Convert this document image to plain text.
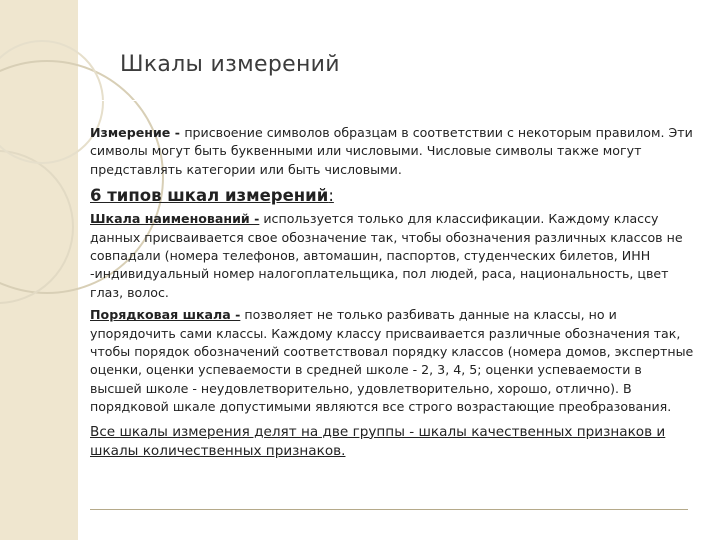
Шкалы измерений

Измерение - присвоение символов образцам в соответствии с некоторым правилом. Эти символы могут быть буквенными или числовыми. Числовые символы также могут представлять категории или быть числовыми.

6 типов шкал измерений:

Шкала наименований - используется только для классификации. Каждому классу данных присваивается свое обозначение так, чтобы обозначения различных классов не совпадали (номера телефонов, автомашин, паспортов, студенческих билетов, ИНН -индивидуальный номер налогоплательщика, пол людей, раса, национальность, цвет глаз, волос.

Порядковая шкала - позволяет не только разбивать данные на классы, но и упорядочить сами классы. Каждому классу присваивается различные обозначения так, чтобы порядок обозначений соответствовал порядку классов (номера домов, экспертные оценки, оценки успеваемости в средней школе - 2, 3, 4, 5; оценки успеваемости в высшей школе - неудовлетворительно, удовлетворительно, хорошо, отлично). В порядковой шкале допустимыми являются все строго возрастающие преобразования.

Все шкалы измерения делят на две группы - шкалы качественных признаков и шкалы количественных признаков.
